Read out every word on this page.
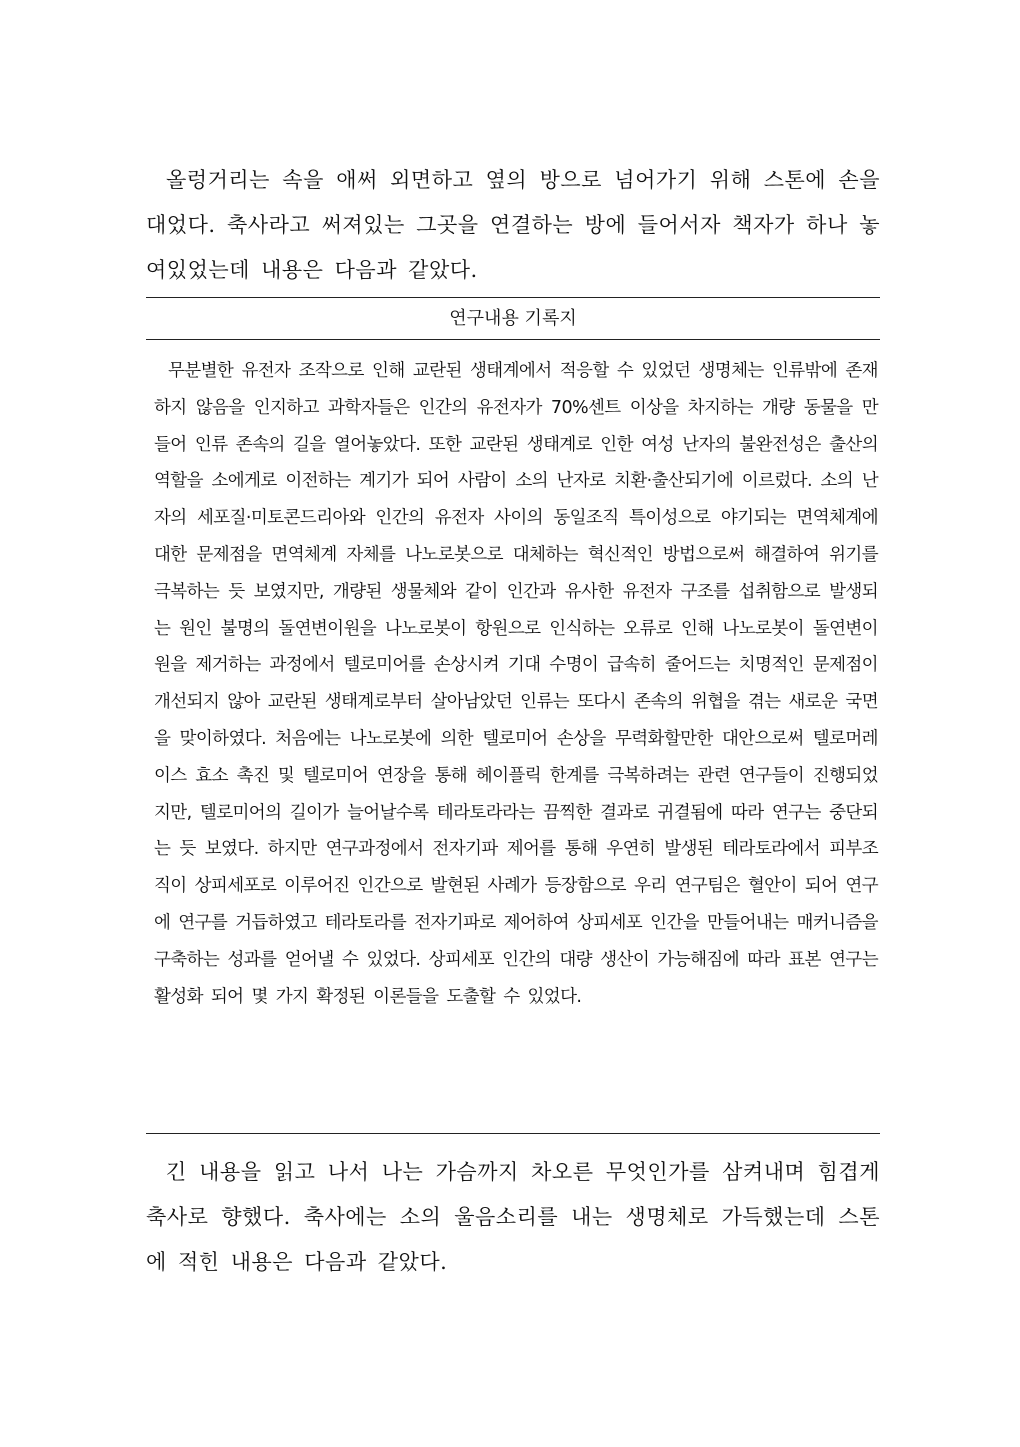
올렁거리는 속을 애써 외면하고 옆의 방으로 넘어가기 위해 스톤에 손을 대었다. 축사라고 써져있는 그곳을 연결하는 방에 들어서자 책자가 하나 놓여있었는데 내용은 다음과 같았다.

연구내용 기록지

무분별한 유전자 조작으로 인해 교란된 생태계에서 적응할 수 있었던 생명체는 인류밖에 존재하지 않음을 인지하고 과학자들은 인간의 유전자가 70%센트 이상을 차지하는 개량 동물을 만들어 인류 존속의 길을 열어놓았다. 또한 교란된 생태계로 인한 여성 난자의 불완전성은 출산의 역할을 소에게로 이전하는 계기가 되어 사람이 소의 난자로 치환·출산되기에 이르렀다. 소의 난자의 세포질·미토콘드리아와 인간의 유전자 사이의 동일조직 특이성으로 야기되는 면역체계에 대한 문제점을 면역체계 자체를 나노로봇으로 대체하는 혁신적인 방법으로써 해결하여 위기를 극복하는 듯 보였지만, 개량된 생물체와 같이 인간과 유사한 유전자 구조를 섭취함으로 발생되는 원인 불명의 돌연변이원을 나노로봇이 항원으로 인식하는 오류로 인해 나노로봇이 돌연변이원을 제거하는 과정에서 텔로미어를 손상시켜 기대 수명이 급속히 줄어드는 치명적인 문제점이 개선되지 않아 교란된 생태계로부터 살아남았던 인류는 또다시 존속의 위협을 겪는 새로운 국면을 맞이하였다. 처음에는 나노로봇에 의한 텔로미어 손상을 무력화할만한 대안으로써 텔로머레이스 효소 촉진 및 텔로미어 연장을 통해 헤이플릭 한계를 극복하려는 관련 연구들이 진행되었지만, 텔로미어의 길이가 늘어날수록 테라토라라는 끔찍한 결과로 귀결됨에 따라 연구는 중단되는 듯 보였다. 하지만 연구과정에서 전자기파 제어를 통해 우연히 발생된 테라토라에서 피부조직이 상피세포로 이루어진 인간으로 발현된 사례가 등장함으로 우리 연구팀은 혈안이 되어 연구에 연구를 거듭하였고 테라토라를 전자기파로 제어하여 상피세포 인간을 만들어내는 매커니즘을 구축하는 성과를 얻어낼 수 있었다. 상피세포 인간의 대량 생산이 가능해짐에 따라 표본 연구는 활성화 되어 몇 가지 확정된 이론들을 도출할 수 있었다.

긴 내용을 읽고 나서 나는 가슴까지 차오른 무엇인가를 삼켜내며 힘겹게 축사로 향했다. 축사에는 소의 울음소리를 내는 생명체로 가득했는데 스톤에 적힌 내용은 다음과 같았다.
